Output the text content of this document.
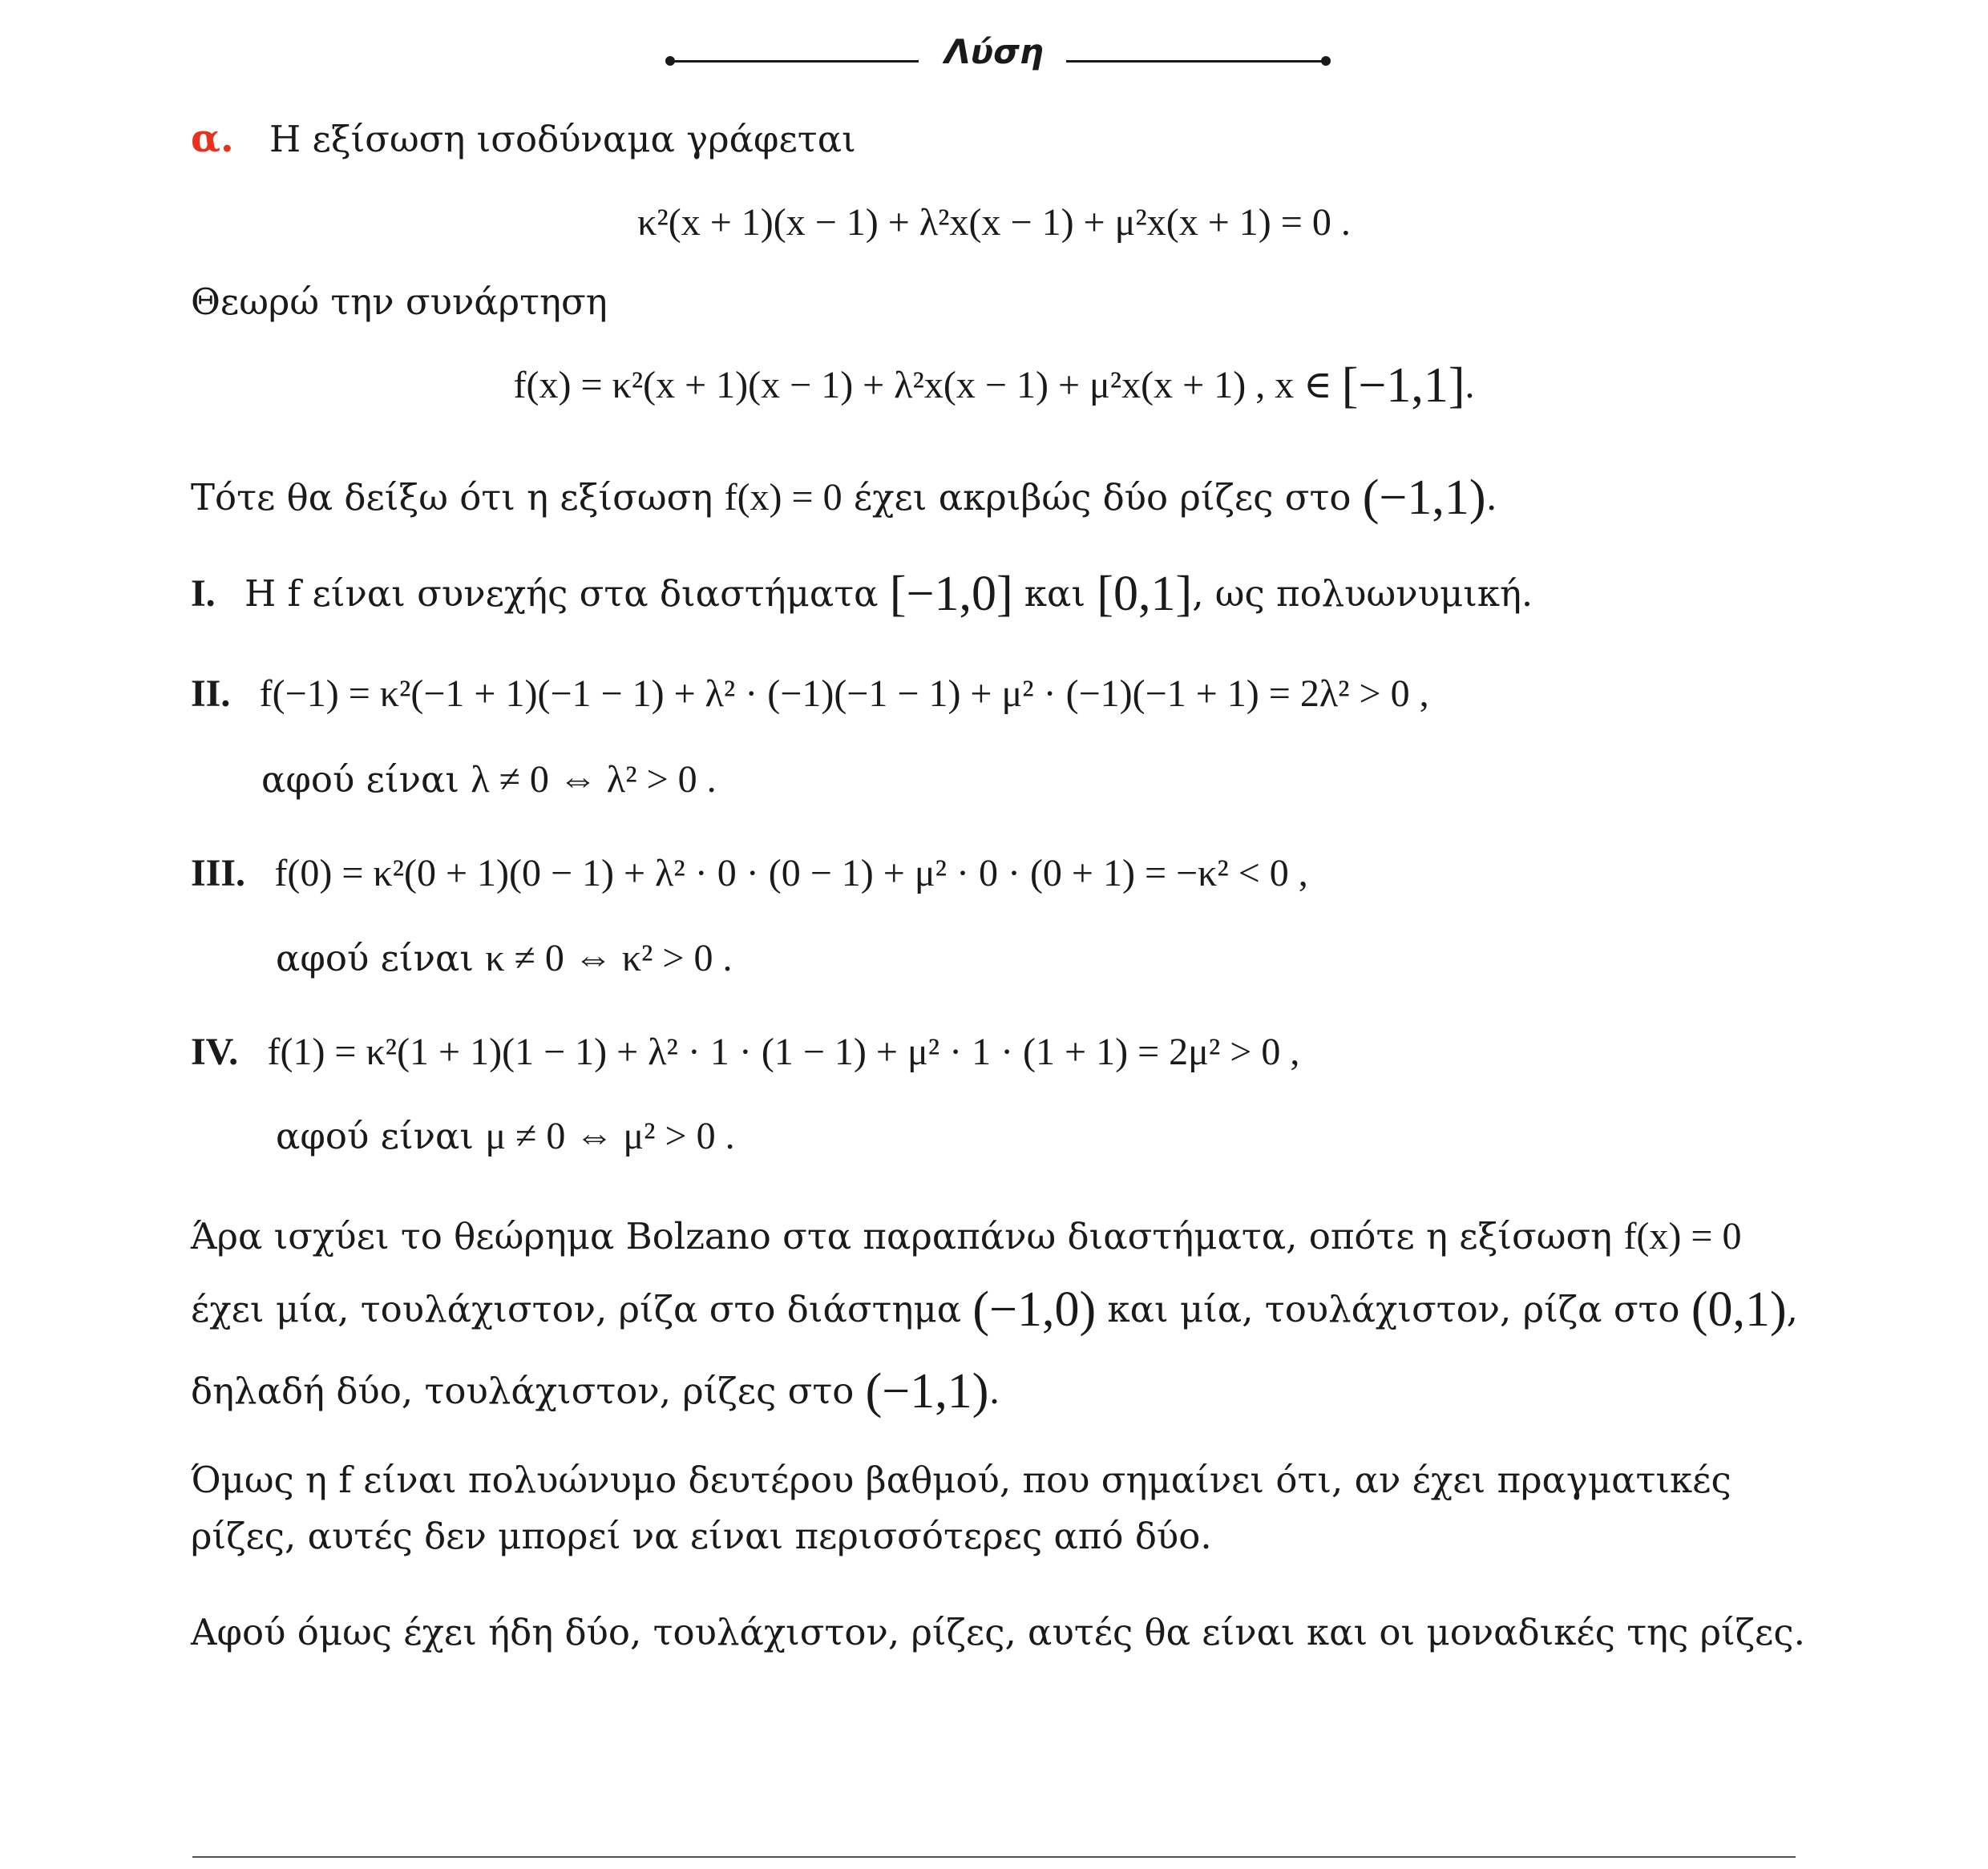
Λύση
α. Η εξίσωση ισοδύναμα γράφεται
κ²(x + 1)(x − 1) + λ²x(x − 1) + μ²x(x + 1) = 0 .
Θεωρώ την συνάρτηση
f(x) = κ²(x + 1)(x − 1) + λ²x(x − 1) + μ²x(x + 1) , x ∈ [−1,1].
Τότε θα δείξω ότι η εξίσωση f(x) = 0 έχει ακριβώς δύο ρίζες στο (−1,1).
I. Η f είναι συνεχής στα διαστήματα [−1,0] και [0,1], ως πολυωνυμική.
II. f(−1) = κ²(−1 + 1)(−1 − 1) + λ² · (−1)(−1 − 1) + μ² · (−1)(−1 + 1) = 2λ² > 0 ,
αφού είναι λ ≠ 0 ⇔ λ² > 0 .
III. f(0) = κ²(0 + 1)(0 − 1) + λ² · 0 · (0 − 1) + μ² · 0 · (0 + 1) = −κ² < 0 ,
αφού είναι κ ≠ 0 ⇔ κ² > 0 .
IV. f(1) = κ²(1 + 1)(1 − 1) + λ² · 1 · (1 − 1) + μ² · 1 · (1 + 1) = 2μ² > 0 ,
αφού είναι μ ≠ 0 ⇔ μ² > 0 .
Άρα ισχύει το θεώρημα Bolzano στα παραπάνω διαστήματα, οπότε η εξίσωση f(x) = 0
έχει μία, τουλάχιστον, ρίζα στο διάστημα (−1,0) και μία, τουλάχιστον, ρίζα στο (0,1),
δηλαδή δύο, τουλάχιστον, ρίζες στο (−1,1).
Όμως η f είναι πολυώνυμο δευτέρου βαθμού, που σημαίνει ότι, αν έχει πραγματικές
ρίζες, αυτές δεν μπορεί να είναι περισσότερες από δύο.
Αφού όμως έχει ήδη δύο, τουλάχιστον, ρίζες, αυτές θα είναι και οι μοναδικές της ρίζες.
